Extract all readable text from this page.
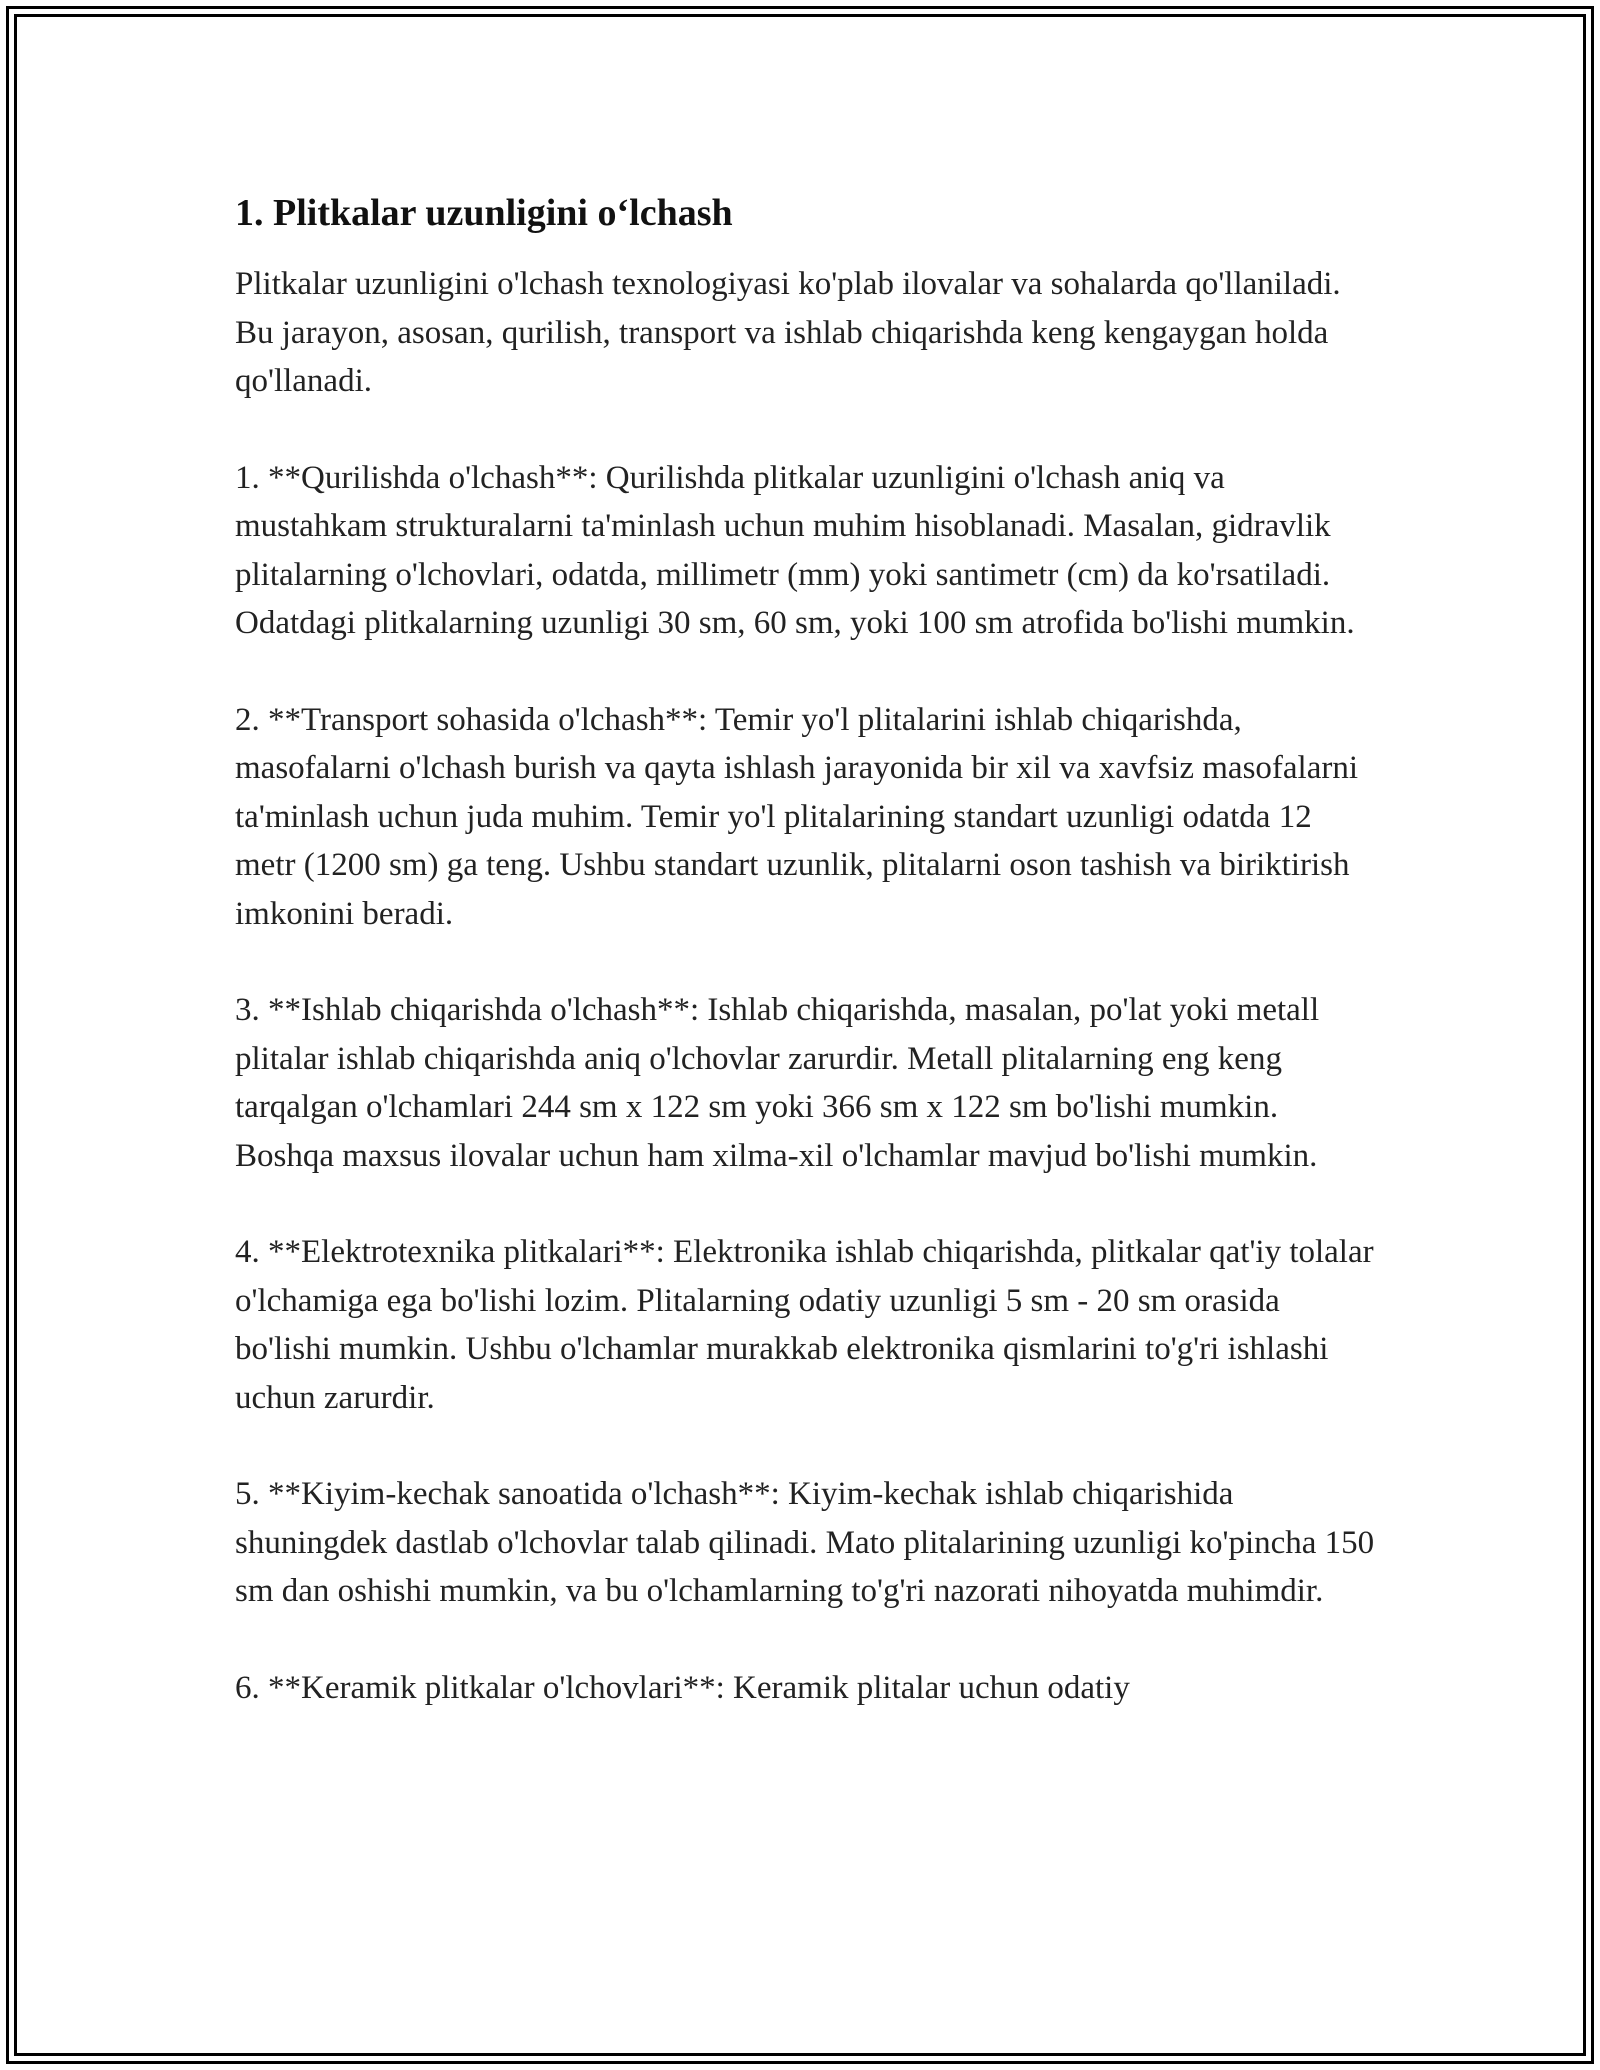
1. Plitkalar uzunligini o‘lchash

Plitkalar uzunligini o'lchash texnologiyasi ko'plab ilovalar va sohalarda qo'llaniladi. Bu jarayon, asosan, qurilish, transport va ishlab chiqarishda keng kengaygan holda qo'llanadi.

1. **Qurilishda o'lchash**: Qurilishda plitkalar uzunligini o'lchash aniq va mustahkam strukturalarni ta'minlash uchun muhim hisoblanadi. Masalan, gidravlik plitalarning o'lchovlari, odatda, millimetr (mm) yoki santimetr (cm) da ko'rsatiladi. Odatdagi plitkalarning uzunligi 30 sm, 60 sm, yoki 100 sm atrofida bo'lishi mumkin.

2. **Transport sohasida o'lchash**: Temir yo'l plitalarini ishlab chiqarishda, masofalarni o'lchash burish va qayta ishlash jarayonida bir xil va xavfsiz masofalarni ta'minlash uchun juda muhim. Temir yo'l plitalarining standart uzunligi odatda 12 metr (1200 sm) ga teng. Ushbu standart uzunlik, plitalarni oson tashish va biriktirish imkonini beradi.

3. **Ishlab chiqarishda o'lchash**: Ishlab chiqarishda, masalan, po'lat yoki metall plitalar ishlab chiqarishda aniq o'lchovlar zarurdir. Metall plitalarning eng keng tarqalgan o'lchamlari 244 sm x 122 sm yoki 366 sm x 122 sm bo'lishi mumkin. Boshqa maxsus ilovalar uchun ham xilma-xil o'lchamlar mavjud bo'lishi mumkin.

4. **Elektrotexnika plitkalari**: Elektronika ishlab chiqarishda, plitkalar qat'iy tolalar o'lchamiga ega bo'lishi lozim. Plitalarning odatiy uzunligi 5 sm - 20 sm orasida bo'lishi mumkin. Ushbu o'lchamlar murakkab elektronika qismlarini to'g'ri ishlashi uchun zarurdir.

5. **Kiyim-kechak sanoatida o'lchash**: Kiyim-kechak ishlab chiqarishida shuningdek dastlab o'lchovlar talab qilinadi. Mato plitalarining uzunligi ko'pincha 150 sm dan oshishi mumkin, va bu o'lchamlarning to'g'ri nazorati nihoyatda muhimdir.

6. **Keramik plitkalar o'lchovlari**: Keramik plitalar uchun odatiy
